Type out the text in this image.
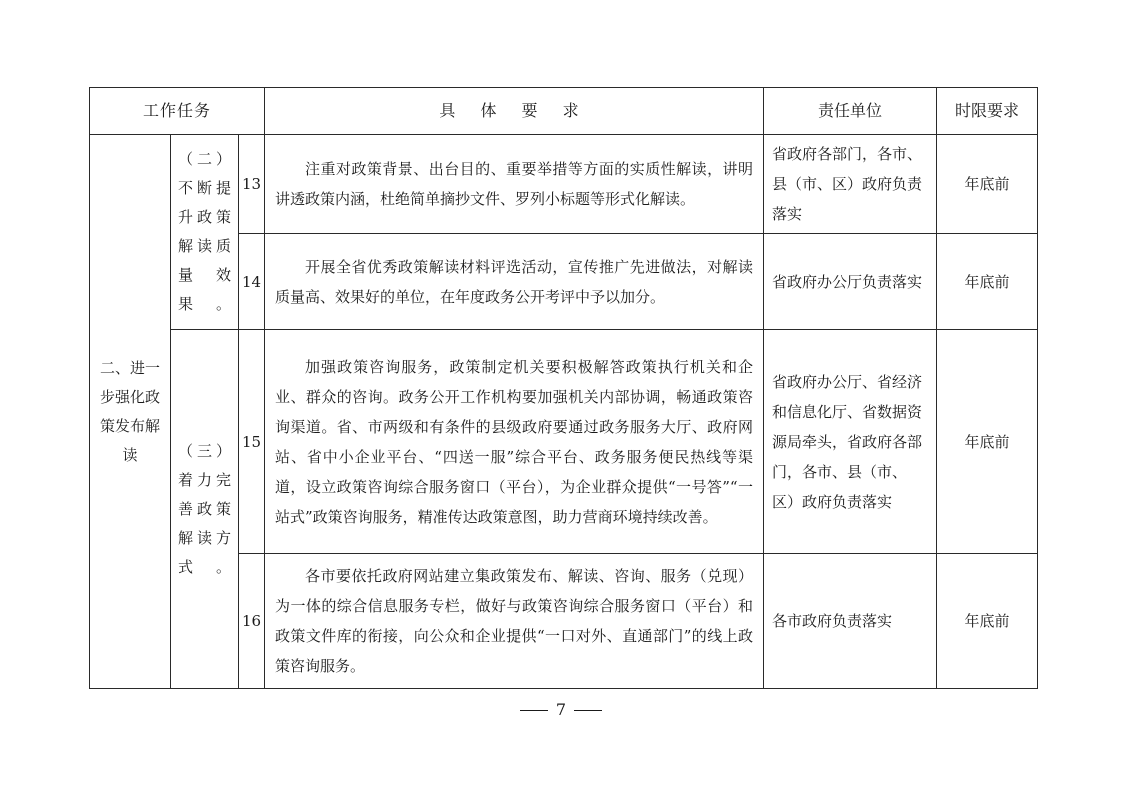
工作任务			具 体 要 求	责任单位	时限要求
二、进一步强化政策发布解读	（二）不断提升政策解读质量效果。	13	注重对政策背景、出台目的、重要举措等方面的实质性解读，讲明讲透政策内涵，杜绝简单摘抄文件、罗列小标题等形式化解读。	省政府各部门，各市、县（市、区）政府负责落实	年底前
		14	开展全省优秀政策解读材料评选活动，宣传推广先进做法，对解读质量高、效果好的单位，在年度政务公开考评中予以加分。	省政府办公厅负责落实	年底前
	（三）着力完善政策解读方式。	15	加强政策咨询服务，政策制定机关要积极解答政策执行机关和企业、群众的咨询。政务公开工作机构要加强机关内部协调，畅通政策咨询渠道。省、市两级和有条件的县级政府要通过政务服务大厅、政府网站、省中小企业平台、“四送一服”综合平台、政务服务便民热线等渠道，设立政策咨询综合服务窗口（平台），为企业群众提供“一号答”“一站式”政策咨询服务，精准传达政策意图，助力营商环境持续改善。	省政府办公厅、省经济和信息化厅、省数据资源局牵头，省政府各部门，各市、县（市、区）政府负责落实	年底前
		16	各市要依托政府网站建立集政策发布、解读、咨询、服务（兑现）为一体的综合信息服务专栏，做好与政策咨询综合服务窗口（平台）和政策文件库的衔接，向公众和企业提供“一口对外、直通部门”的线上政策咨询服务。	各市政府负责落实	年底前
7
